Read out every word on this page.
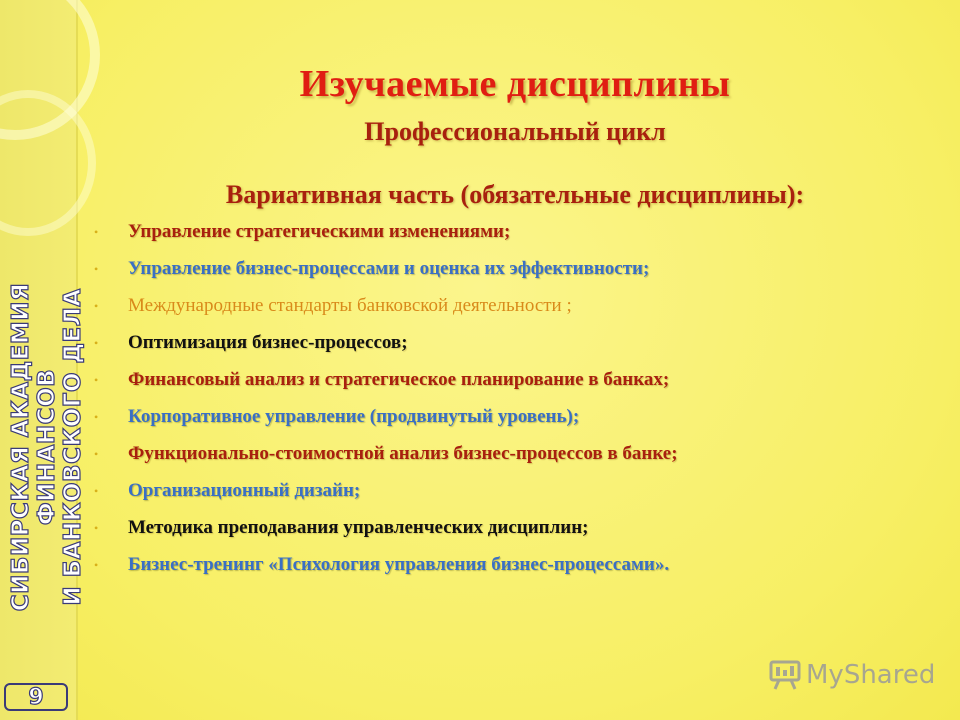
СИБИРСКАЯ АКАДЕМИЯ ФИНАНСОВ И БАНКОВСКОГО ДЕЛА
9
Изучаемые дисциплины
Профессиональный цикл
Вариативная часть (обязательные дисциплины):
• Управление стратегическими изменениями;
• Управление бизнес-процессами и оценка их эффективности;
• Международные стандарты банковской деятельности ;
• Оптимизация бизнес-процессов;
• Финансовый анализ и стратегическое планирование в банках;
• Корпоративное управление (продвинутый уровень);
• Функционально-стоимостной анализ бизнес-процессов в банке;
• Организационный дизайн;
• Методика преподавания управленческих дисциплин;
• Бизнес-тренинг «Психология управления бизнес-процессами».
MyShared
